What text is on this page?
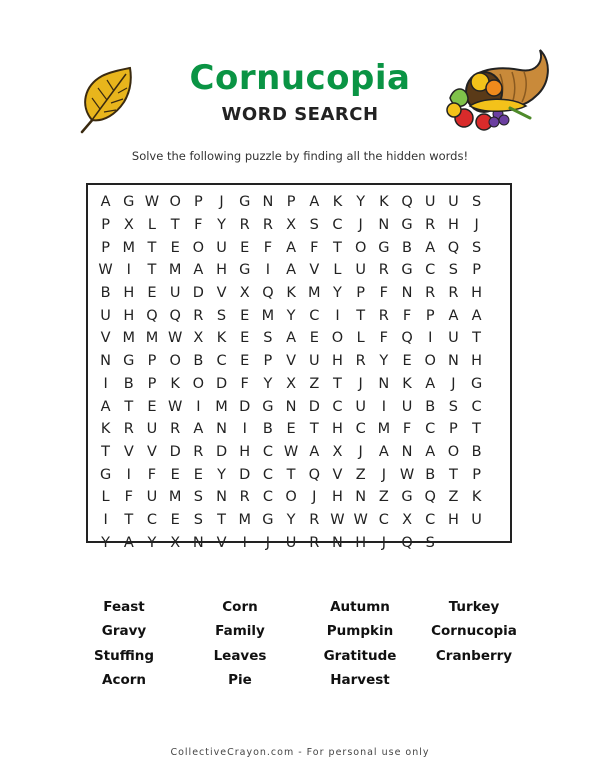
Cornucopia
WORD SEARCH
Solve the following puzzle by finding all the hidden words!
A G W O P	J	G N P A K Y K Q U U S
P X L	T	F	Y R R X S C	J	N G R H	J
P M T E O U E F A F	T O G B A Q S
W I	T M A H G	I	A V L U R G C S P
B H E U D V X Q K M Y P	F N R R H
U H Q Q R S E M Y C	I	T R F	P A A
V M M W X K E S A E O L	F Q	I	U T
N G P O B C E P V U H R Y E O N H
I	B P K O D F	Y X Z T	J	N K A	J	G
A T E W I	M D G N D C U	I	U B S C
K R U R A N	I	B E T H C M F C P T
T V V D R D H C W A X	J	A N A O B
G	I	F E E Y D C T Q V Z	J W B T P
L	F U M S N R C O	J	H N Z G Q Z K
I	T C E S T M G Y R W W C X C H U
Y A Y X N V	I	J	U R N H	J	Q S
Feast	Corn	Autumn	Turkey
Gravy	Family	Pumpkin	Cornucopia
Stuffing	Leaves	Gratitude	Cranberry
Acorn	Pie	Harvest
CollectiveCrayon.com - For personal use only
